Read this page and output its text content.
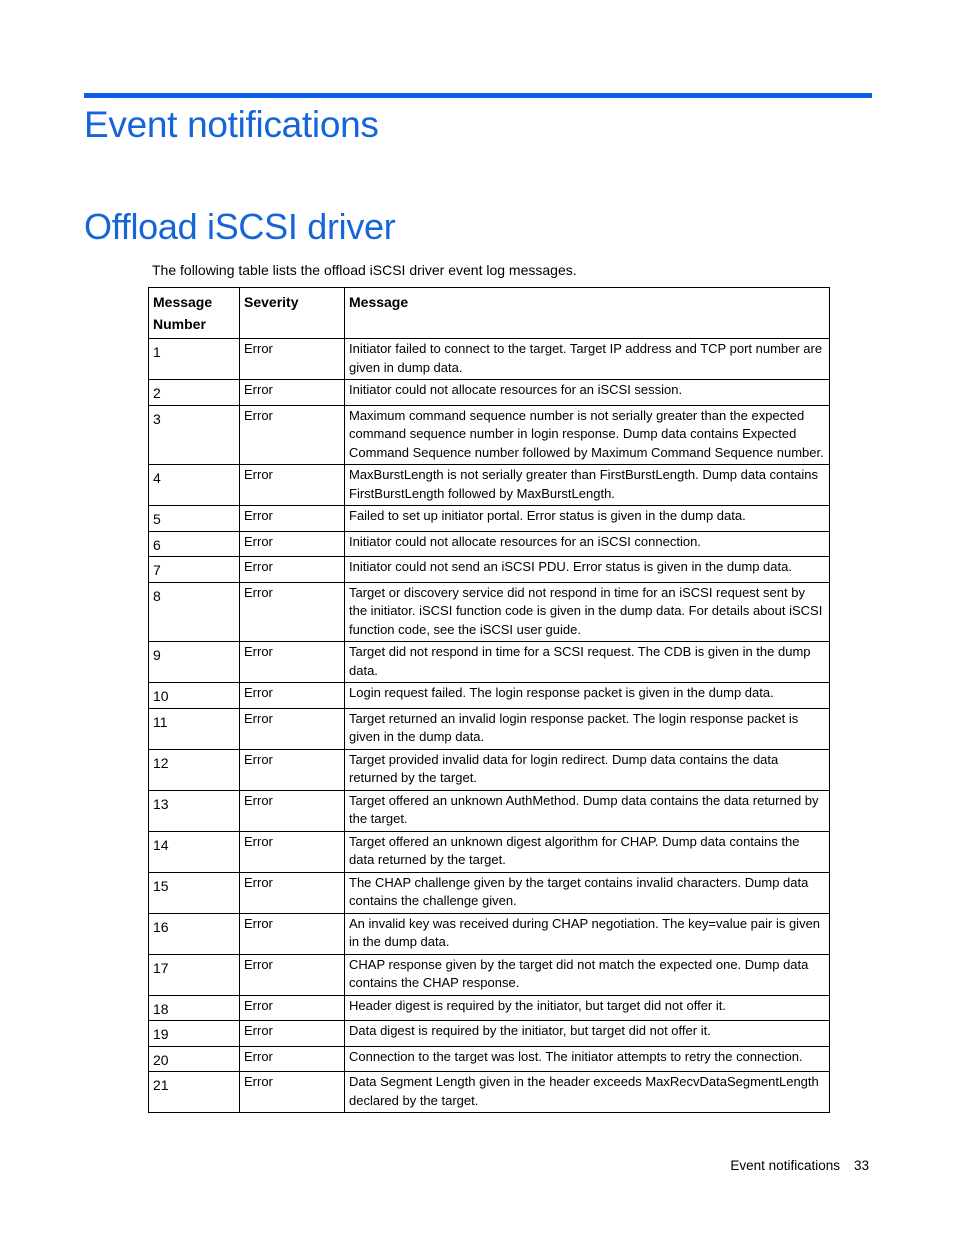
Event notifications
Offload iSCSI driver

The following table lists the offload iSCSI driver event log messages.

Message Number	Severity	Message
1	Error	Initiator failed to connect to the target. Target IP address and TCP port number are given in dump data.
2	Error	Initiator could not allocate resources for an iSCSI session.
3	Error	Maximum command sequence number is not serially greater than the expected command sequence number in login response. Dump data contains Expected Command Sequence number followed by Maximum Command Sequence number.
4	Error	MaxBurstLength is not serially greater than FirstBurstLength. Dump data contains FirstBurstLength followed by MaxBurstLength.
5	Error	Failed to set up initiator portal. Error status is given in the dump data.
6	Error	Initiator could not allocate resources for an iSCSI connection.
7	Error	Initiator could not send an iSCSI PDU. Error status is given in the dump data.
8	Error	Target or discovery service did not respond in time for an iSCSI request sent by the initiator. iSCSI function code is given in the dump data. For details about iSCSI function code, see the iSCSI user guide.
9	Error	Target did not respond in time for a SCSI request. The CDB is given in the dump data.
10	Error	Login request failed. The login response packet is given in the dump data.
11	Error	Target returned an invalid login response packet. The login response packet is given in the dump data.
12	Error	Target provided invalid data for login redirect. Dump data contains the data returned by the target.
13	Error	Target offered an unknown AuthMethod. Dump data contains the data returned by the target.
14	Error	Target offered an unknown digest algorithm for CHAP. Dump data contains the data returned by the target.
15	Error	The CHAP challenge given by the target contains invalid characters. Dump data contains the challenge given.
16	Error	An invalid key was received during CHAP negotiation. The key=value pair is given in the dump data.
17	Error	CHAP response given by the target did not match the expected one. Dump data contains the CHAP response.
18	Error	Header digest is required by the initiator, but target did not offer it.
19	Error	Data digest is required by the initiator, but target did not offer it.
20	Error	Connection to the target was lost. The initiator attempts to retry the connection.
21	Error	Data Segment Length given in the header exceeds MaxRecvDataSegmentLength declared by the target.
Event notifications 33
